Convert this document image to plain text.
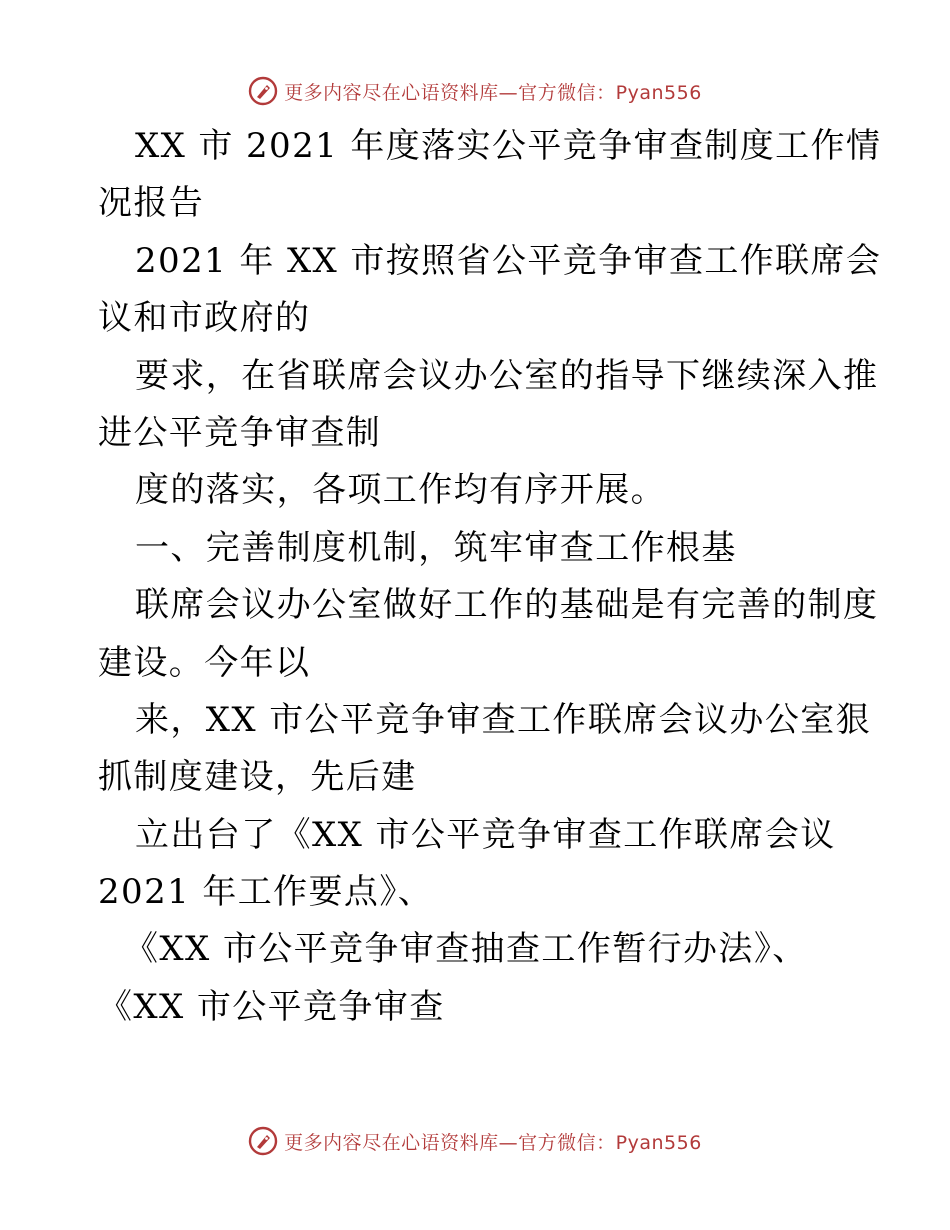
更多内容尽在心语资料库—官方微信：Pyan556
XX 市 2021 年度落实公平竞争审查制度工作情
况报告
2021 年 XX 市按照省公平竞争审查工作联席会
议和市政府的
要求，在省联席会议办公室的指导下继续深入推
进公平竞争审查制
度的落实，各项工作均有序开展。
一、完善制度机制，筑牢审查工作根基
联席会议办公室做好工作的基础是有完善的制度
建设。今年以
来，XX 市公平竞争审查工作联席会议办公室狠
抓制度建设，先后建
立出台了《XX 市公平竞争审查工作联席会议
2021 年工作要点》、
《XX 市公平竞争审查抽查工作暂行办法》、
《XX 市公平竞争审查
更多内容尽在心语资料库—官方微信：Pyan556
